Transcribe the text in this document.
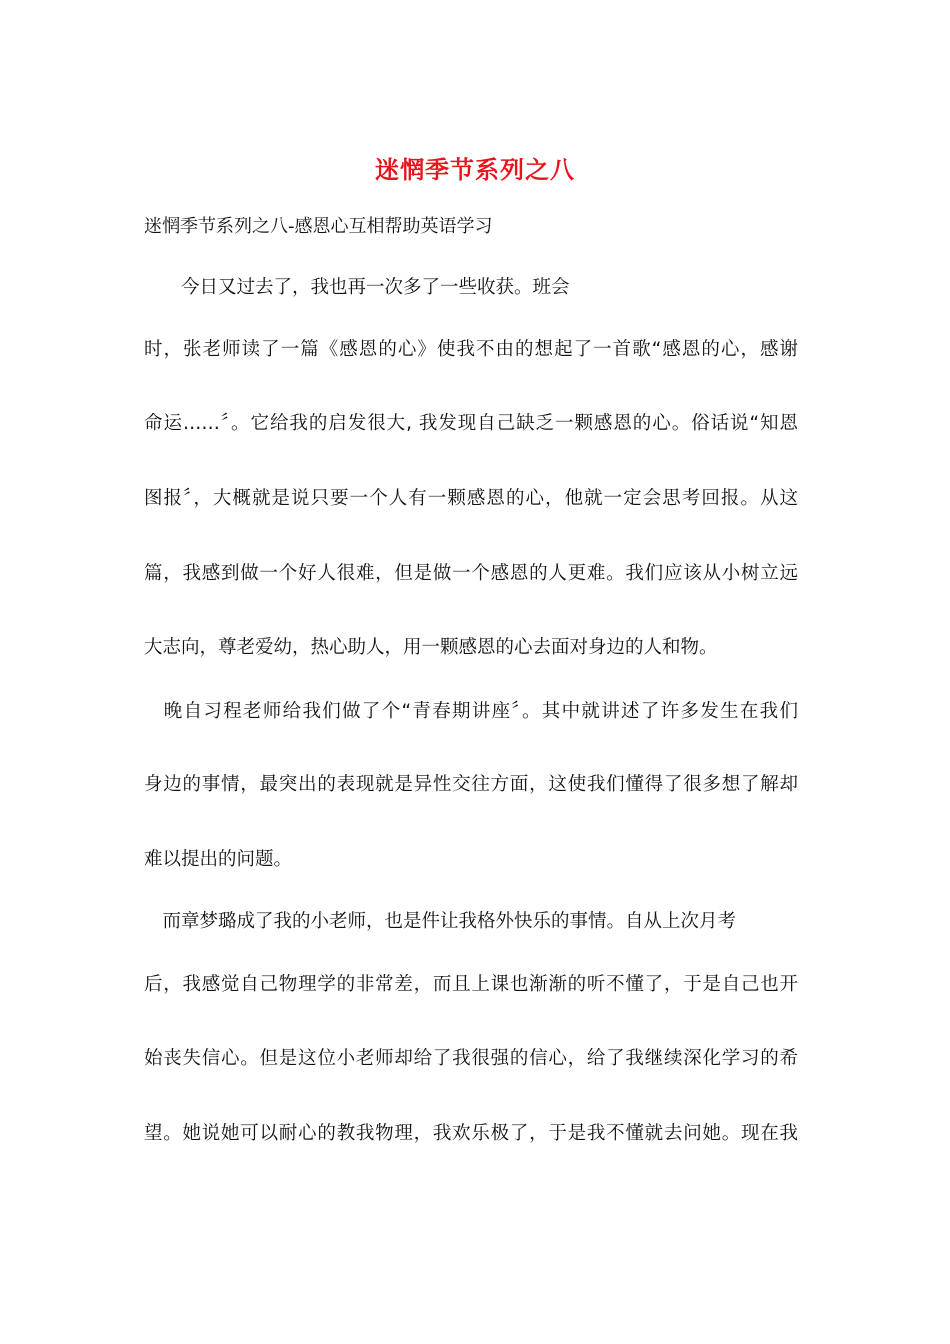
迷惘季节系列之八
迷惘季节系列之八-感恩心互相帮助英语学习
　　今日又过去了，我也再一次多了一些收获。班会
时，张老师读了一篇《感恩的心》使我不由的想起了一首歌“感恩的心，感谢
命运……〞。它给我的启发很大, 我发现自己缺乏一颗感恩的心。俗话说“知恩
图报〞，大概就是说只要一个人有一颗感恩的心，他就一定会思考回报。从这
篇，我感到做一个好人很难，但是做一个感恩的人更难。我们应该从小树立远
大志向，尊老爱幼，热心助人，用一颗感恩的心去面对身边的人和物。
　晚自习程老师给我们做了个“青春期讲座〞。其中就讲述了许多发生在我们
身边的事情，最突出的表现就是异性交往方面，这使我们懂得了很多想了解却
难以提出的问题。
　而章梦璐成了我的小老师，也是件让我格外快乐的事情。自从上次月考
后，我感觉自己物理学的非常差，而且上课也渐渐的听不懂了，于是自己也开
始丧失信心。但是这位小老师却给了我很强的信心，给了我继续深化学习的希
望。她说她可以耐心的教我物理，我欢乐极了，于是我不懂就去问她。现在我
